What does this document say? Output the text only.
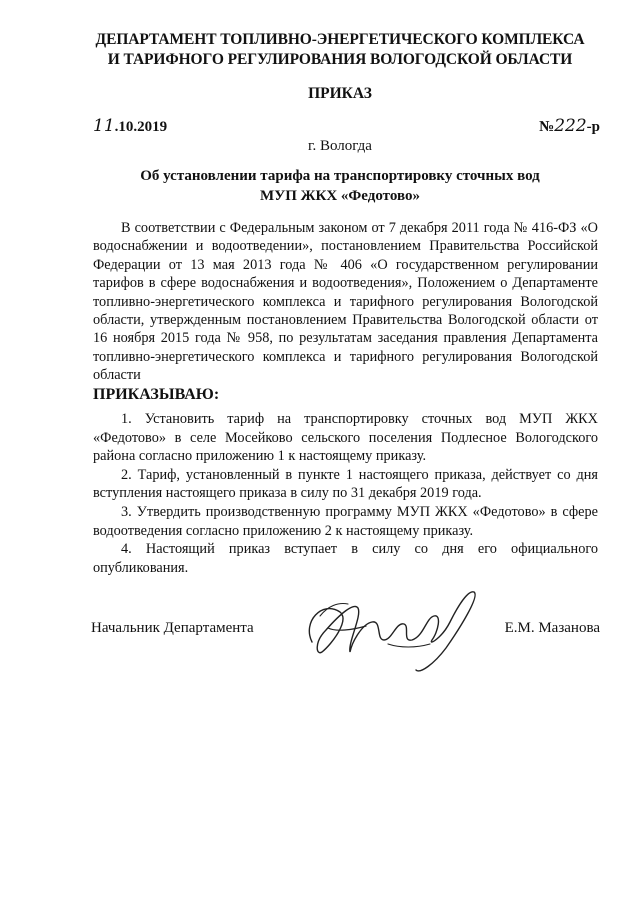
ДЕПАРТАМЕНТ ТОПЛИВНО-ЭНЕРГЕТИЧЕСКОГО КОМПЛЕКСА
И ТАРИФНОГО РЕГУЛИРОВАНИЯ ВОЛОГОДСКОЙ ОБЛАСТИ
ПРИКАЗ
11.10.2019	№222-р
г. Вологда
Об установлении тарифа на транспортировку сточных вод
МУП ЖКХ «Федотово»

В соответствии с Федеральным законом от 7 декабря 2011 года № 416-ФЗ «О водоснабжении и водоотведении», постановлением Правительства Российской Федерации от 13 мая 2013 года № 406 «О государственном регулировании тарифов в сфере водоснабжения и водоотведения», Положением о Департаменте топливно-энергетического комплекса и тарифного регулирования Вологодской области, утвержденным постановлением Правительства Вологодской области от 16 ноября 2015 года № 958, по результатам заседания правления Департамента топливно-энергетического комплекса и тарифного регулирования Вологодской области

ПРИКАЗЫВАЮ:

1. Установить тариф на транспортировку сточных вод МУП ЖКХ «Федотово» в селе Мосейково сельского поселения Подлесное Вологодского района согласно приложению 1 к настоящему приказу.

2. Тариф, установленный в пункте 1 настоящего приказа, действует со дня вступления настоящего приказа в силу по 31 декабря 2019 года.

3. Утвердить производственную программу МУП ЖКХ «Федотово» в сфере водоотведения согласно приложению 2 к настоящему приказу.

4. Настоящий приказ вступает в силу со дня его официального опубликования.

Начальник Департамента	Е.М. Мазанова
